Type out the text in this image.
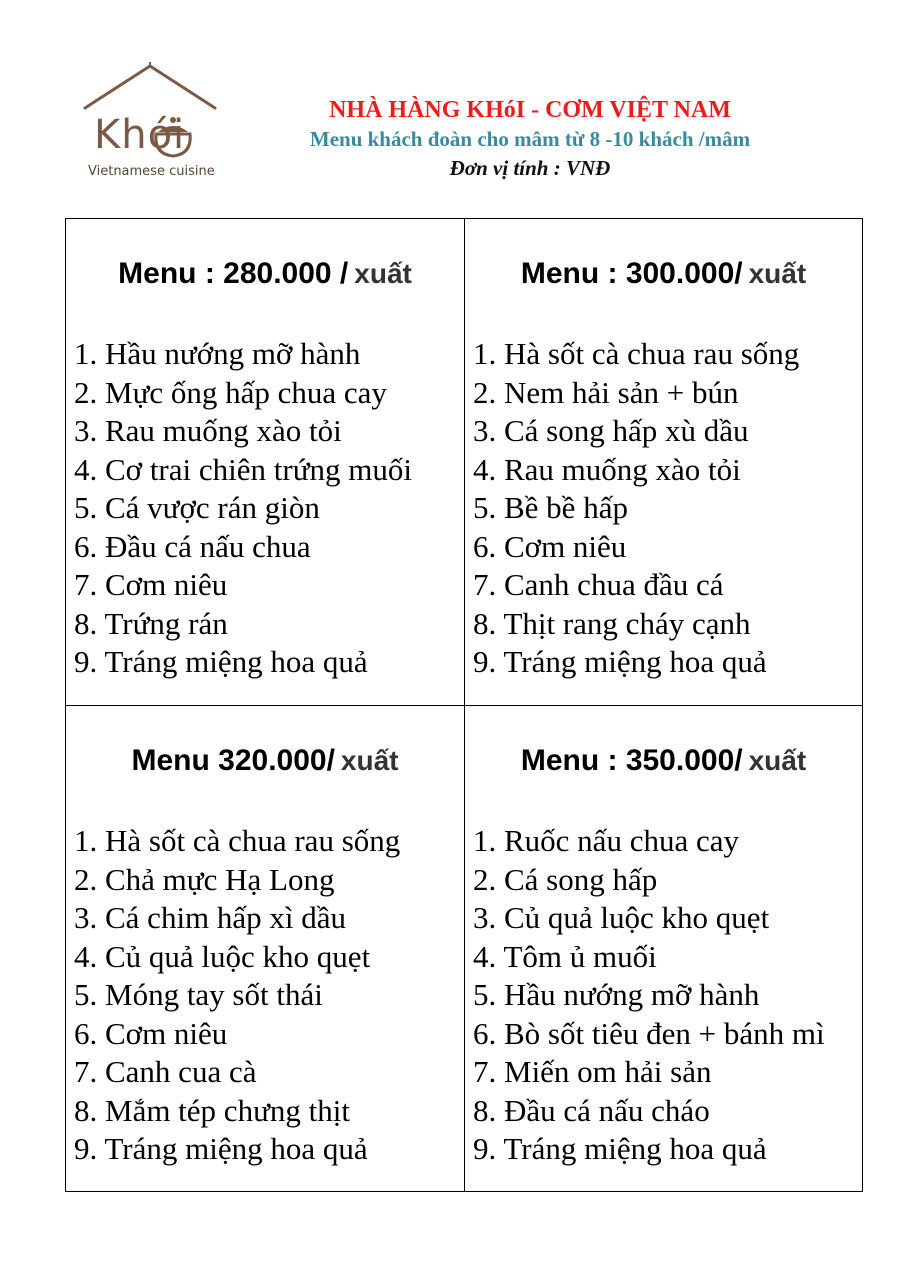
Khói
Vietnamese cuisine
NHÀ HÀNG KHóI - CƠM VIỆT NAM
Menu khách đoàn cho mâm từ 8 -10 khách /mâm
Đơn vị tính : VNĐ
Menu : 280.000 / xuất
1. Hầu nướng mỡ hành
2. Mực ống hấp chua cay
3. Rau muống xào tỏi
4. Cơ trai chiên trứng muối
5. Cá vược rán giòn
6. Đầu cá nấu chua
7. Cơm niêu
8. Trứng rán
9. Tráng miệng hoa quả
Menu : 300.000/ xuất
1. Hà sốt cà chua rau sống
2. Nem hải sản + bún
3. Cá song hấp xù dầu
4. Rau muống xào tỏi
5. Bề bề hấp
6. Cơm niêu
7. Canh chua đầu cá
8. Thịt rang cháy cạnh
9. Tráng miệng hoa quả
Menu 320.000/ xuất
1. Hà sốt cà chua rau sống
2. Chả mực Hạ Long
3. Cá chim hấp xì dầu
4. Củ quả luộc kho quẹt
5. Móng tay sốt thái
6. Cơm niêu
7. Canh cua cà
8. Mắm tép chưng thịt
9. Tráng miệng hoa quả
Menu : 350.000/ xuất
1. Ruốc nấu chua cay
2. Cá song hấp
3. Củ quả luộc kho quẹt
4. Tôm ủ muối
5. Hầu nướng mỡ hành
6. Bò sốt tiêu đen + bánh mì
7. Miến om hải sản
8. Đầu cá nấu cháo
9. Tráng miệng hoa quả
